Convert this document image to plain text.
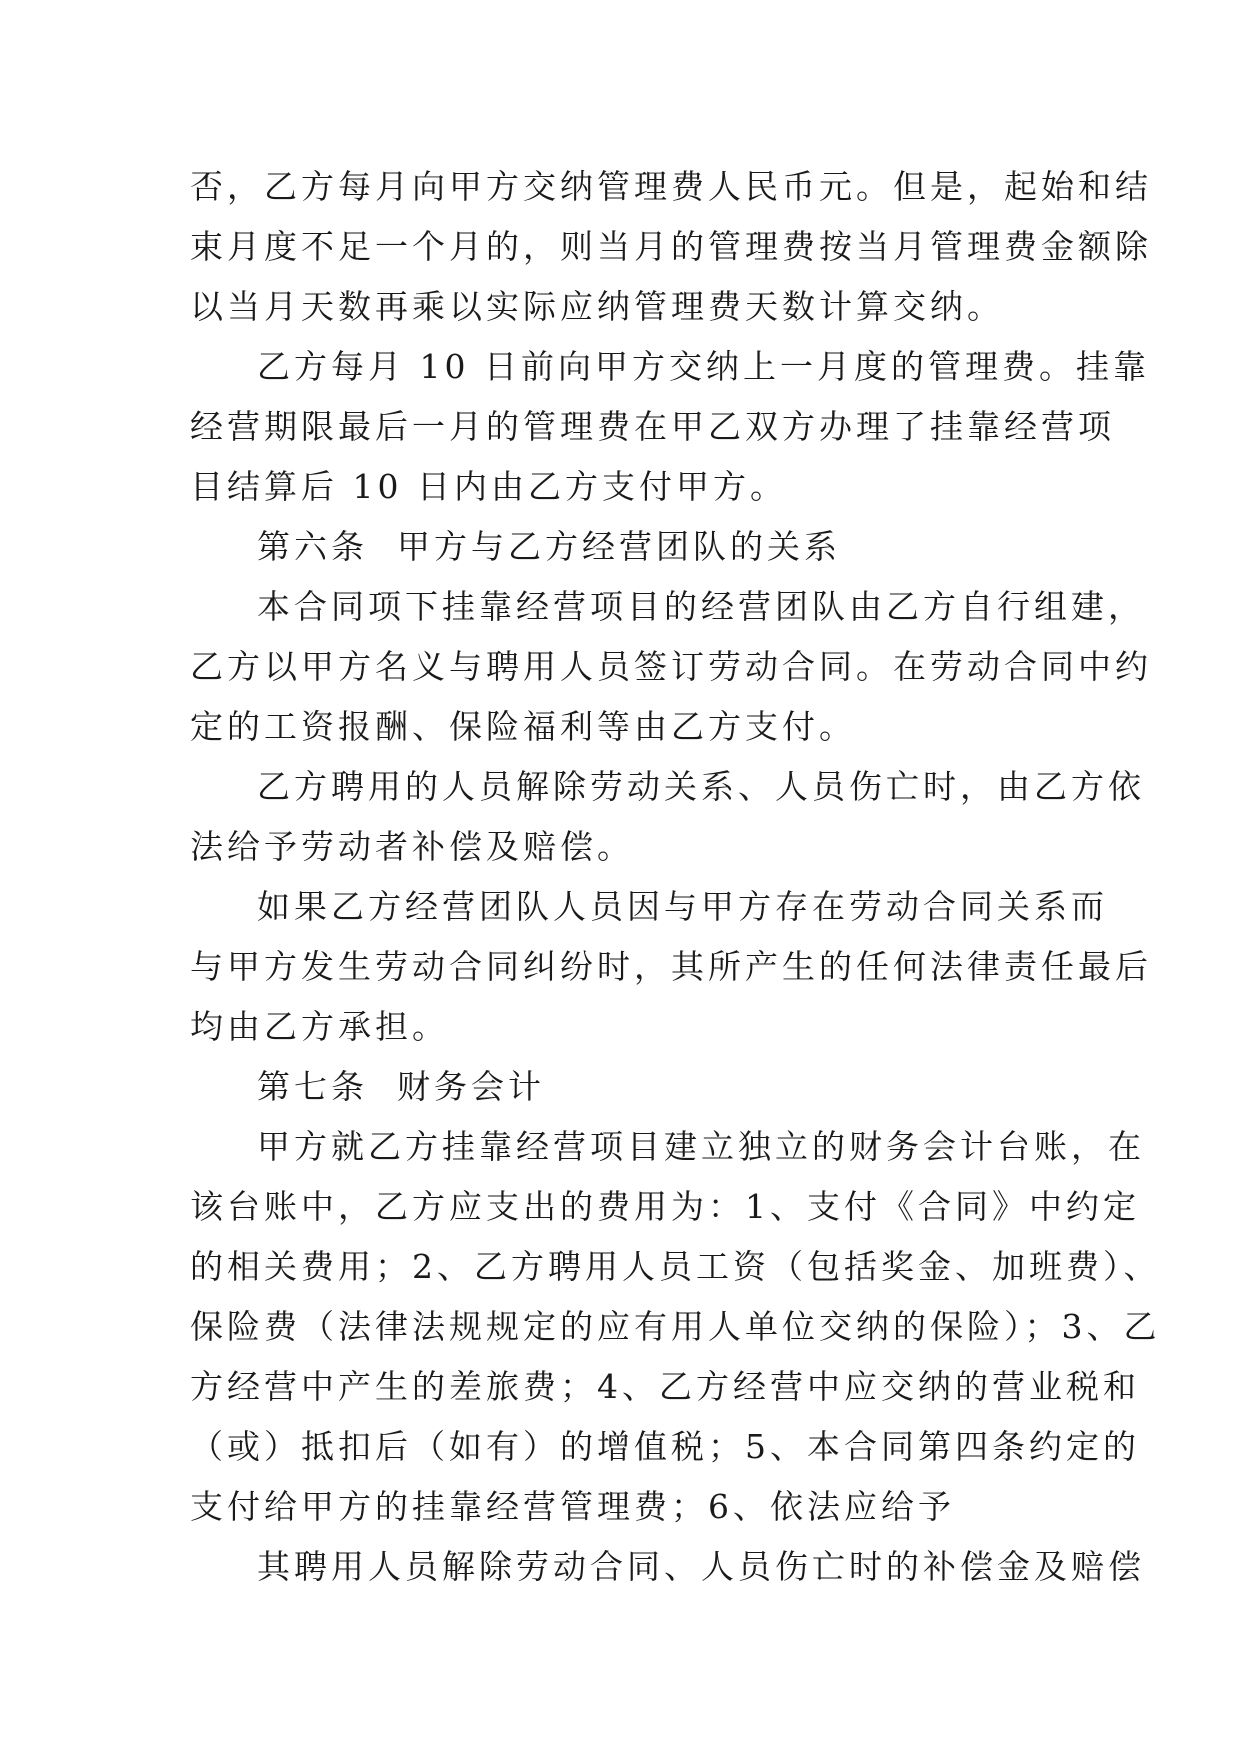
否，乙方每月向甲方交纳管理费人民币元。但是，起始和结
束月度不足一个月的，则当月的管理费按当月管理费金额除
以当月天数再乘以实际应纳管理费天数计算交纳。
乙方每月 10 日前向甲方交纳上一月度的管理费。挂靠
经营期限最后一月的管理费在甲乙双方办理了挂靠经营项
目结算后 10 日内由乙方支付甲方。
第六条  甲方与乙方经营团队的关系
本合同项下挂靠经营项目的经营团队由乙方自行组建，
乙方以甲方名义与聘用人员签订劳动合同。在劳动合同中约
定的工资报酬、保险福利等由乙方支付。
乙方聘用的人员解除劳动关系、人员伤亡时，由乙方依
法给予劳动者补偿及赔偿。
如果乙方经营团队人员因与甲方存在劳动合同关系而
与甲方发生劳动合同纠纷时，其所产生的任何法律责任最后
均由乙方承担。
第七条  财务会计
甲方就乙方挂靠经营项目建立独立的财务会计台账，在
该台账中，乙方应支出的费用为：1、支付《合同》中约定
的相关费用；2、乙方聘用人员工资（包括奖金、加班费）、
保险费（法律法规规定的应有用人单位交纳的保险）；3、乙
方经营中产生的差旅费；4、乙方经营中应交纳的营业税和
（或）抵扣后（如有）的增值税；5、本合同第四条约定的
支付给甲方的挂靠经营管理费；6、依法应给予
其聘用人员解除劳动合同、人员伤亡时的补偿金及赔偿
